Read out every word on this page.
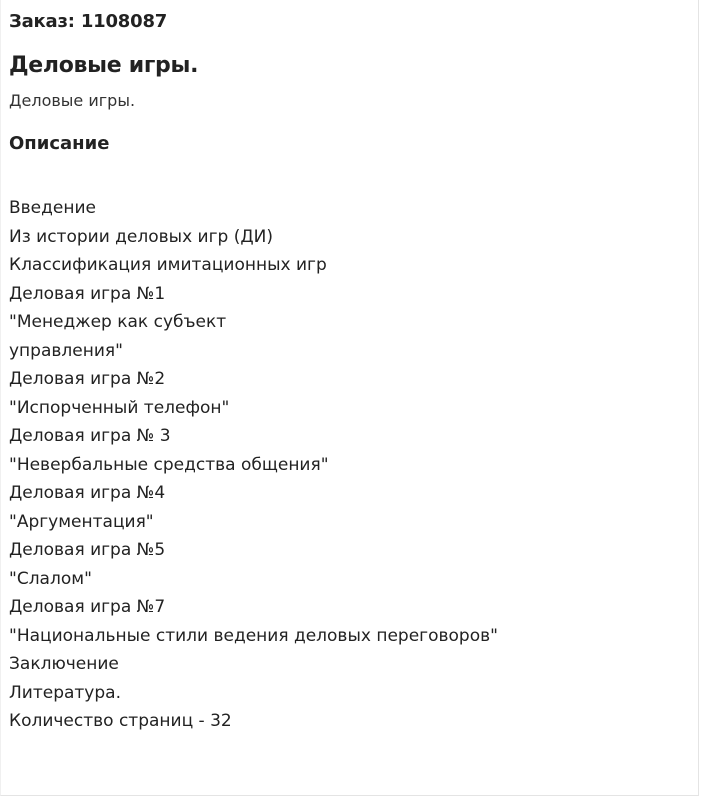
Заказ: 1108087
Деловые игры.

Деловые игры.

Описание
Введение
Из истории деловых игр (ДИ)
Классификация имитационных игр
Деловая игра №1
"Менеджер как субъект
управления"
Деловая игра №2
"Испорченный телефон"
Деловая игра № 3
"Невербальные средства общения"
Деловая игра №4
"Аргументация"
Деловая игра №5
"Слалом"
Деловая игра №7
"Национальные стили ведения деловых переговоров"
Заключение
Литература.
Количество страниц - 32
